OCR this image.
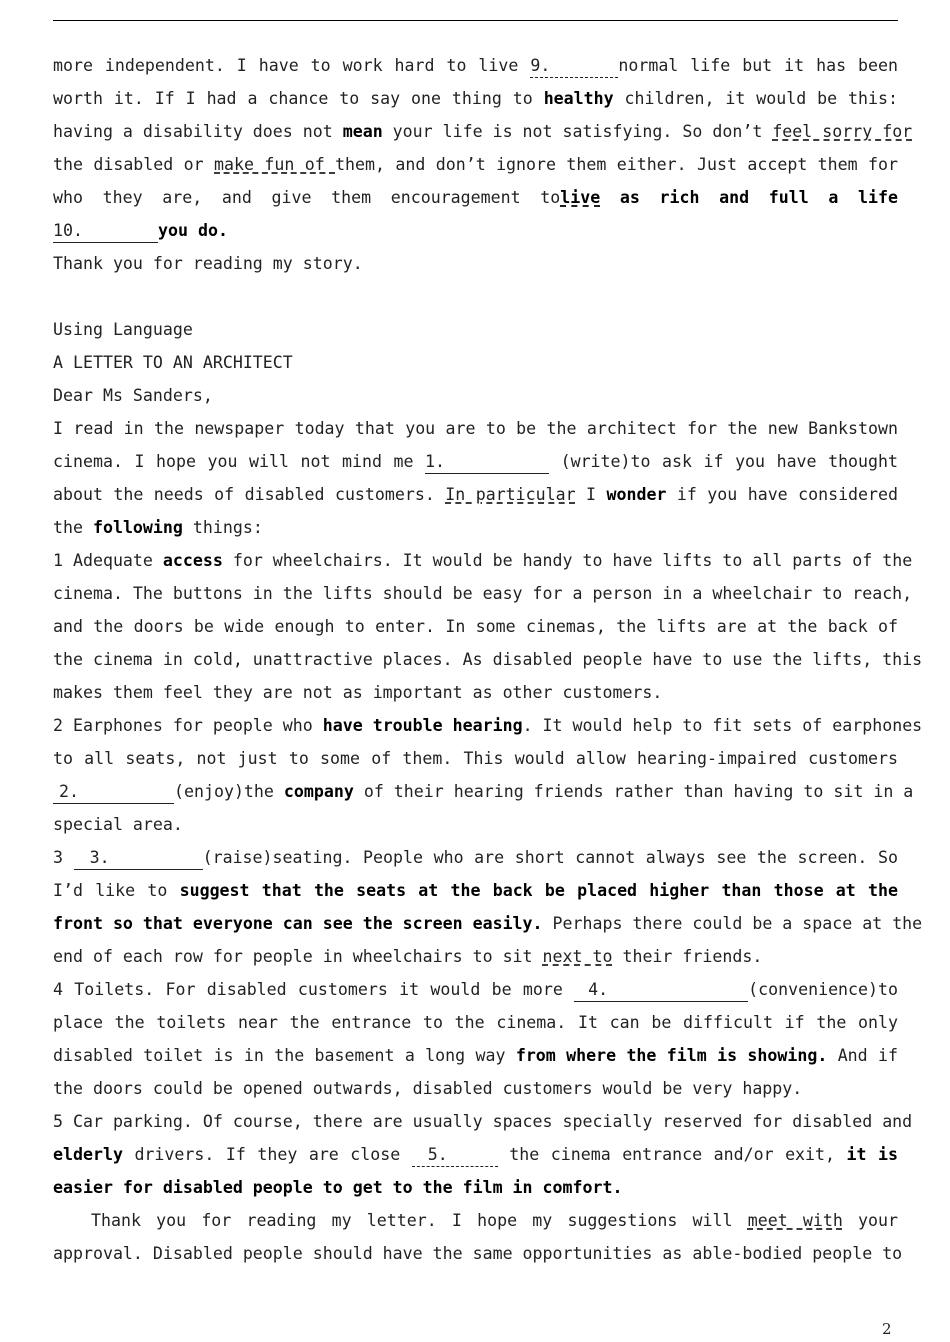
more independent. I have to work hard to live 9.	normal life but it has been
worth it. If I had a chance to say one thing to healthy children, it would be this:
having a disability does not mean your life is not satisfying. So don’t feel sorry for
the disabled or make fun of them, and don’t ignore them either. Just accept them for
who they are, and give them encouragement tolive as rich and full a life
10.	you do.
Thank you for reading my story.
Using Language
A LETTER TO AN ARCHITECT
Dear Ms Sanders,
I read in the newspaper today that you are to be the architect for the new Bankstown
cinema. I hope you will not mind me 1.	(write)to ask if you have thought
about the needs of disabled customers. In particular I wonder if you have considered
the following things:
1 Adequate access for wheelchairs. It would be handy to have lifts to all parts of the
cinema. The buttons in the lifts should be easy for a person in a wheelchair to reach,
and the doors be wide enough to enter. In some cinemas, the lifts are at the back of
the cinema in cold, unattractive places. As disabled people have to use the lifts, this
makes them feel they are not as important as other customers.
2 Earphones for people who have trouble hearing. It would help to fit sets of earphones
to all seats, not just to some of them. This would allow hearing-impaired customers
2.	(enjoy)the company of their hearing friends rather than having to sit in a
special area.
3 3.	(raise)seating. People who are short cannot always see the screen. So
I’d like to suggest that the seats at the back be placed higher than those at the
front so that everyone can see the screen easily. Perhaps there could be a space at the
end of each row for people in wheelchairs to sit next to their friends.
4 Toilets. For disabled customers it would be more 4.	(convenience)to
place the toilets near the entrance to the cinema. It can be difficult if the only
disabled toilet is in the basement a long way from where the film is showing. And if
the doors could be opened outwards, disabled customers would be very happy.
5 Car parking. Of course, there are usually spaces specially reserved for disabled and
elderly drivers. If they are close 5.	the cinema entrance and/or exit, it is
easier for disabled people to get to the film in comfort.
Thank you for reading my letter. I hope my suggestions will meet with your
approval. Disabled people should have the same opportunities as able-bodied people to
2
